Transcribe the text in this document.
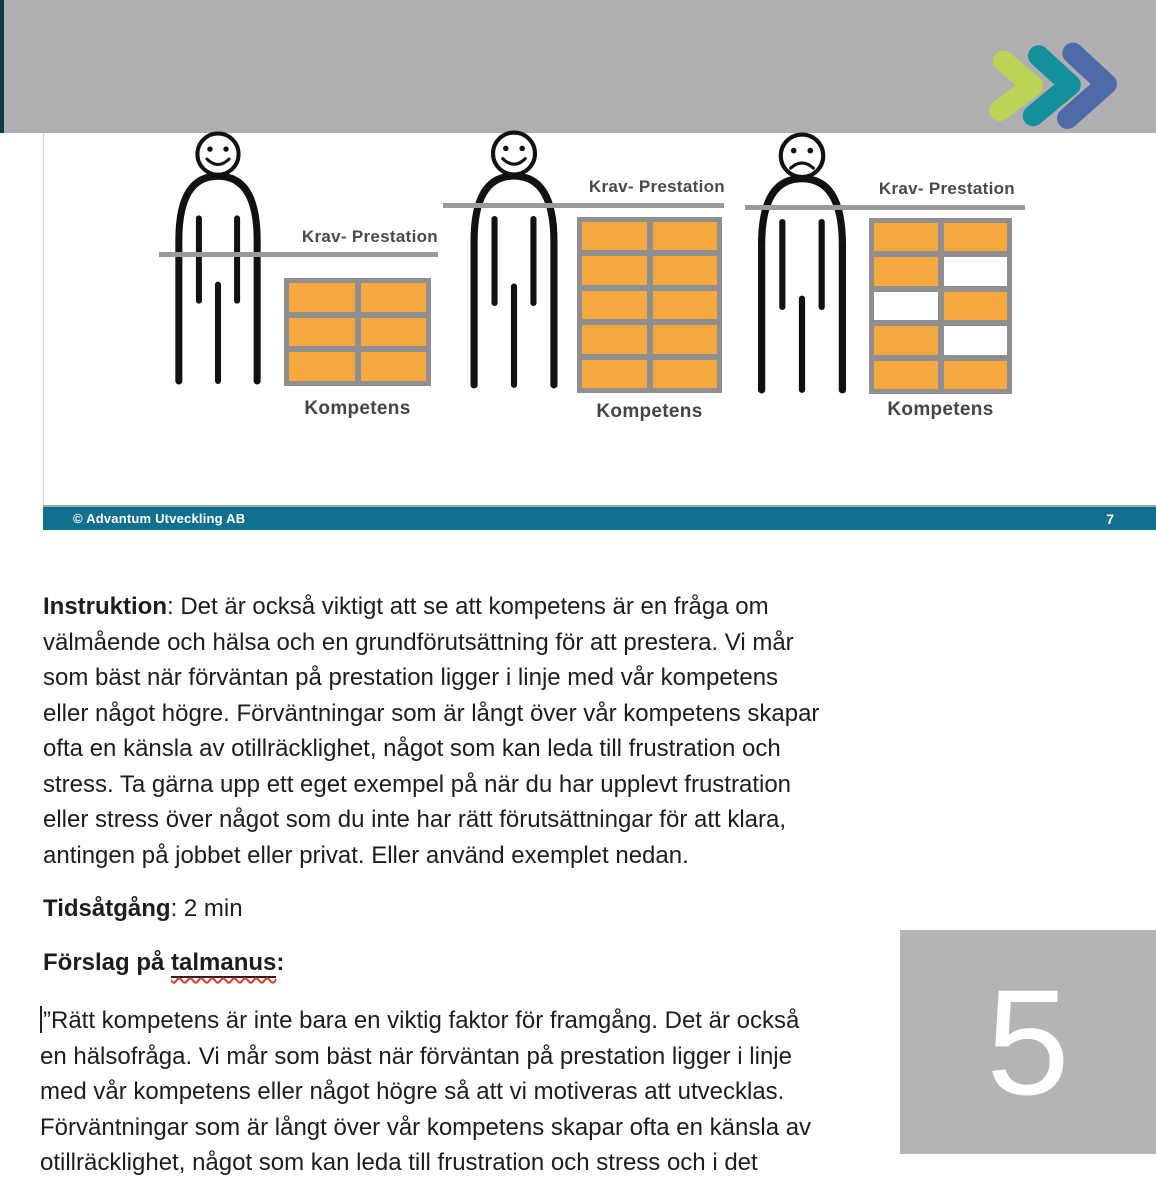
Krav- Prestation
Kompetens
Krav- Prestation
Kompetens
Krav- Prestation
Kompetens
© Advantum Utveckling AB	7
Instruktion: Det är också viktigt att se att kompetens är en fråga om
välmående och hälsa och en grundförutsättning för att prestera. Vi mår
som bäst när förväntan på prestation ligger i linje med vår kompetens
eller något högre. Förväntningar som är långt över vår kompetens skapar
ofta en känsla av otillräcklighet, något som kan leda till frustration och
stress. Ta gärna upp ett eget exempel på när du har upplevt frustration
eller stress över något som du inte har rätt förutsättningar för att klara,
antingen på jobbet eller privat. Eller använd exemplet nedan.
Tidsåtgång: 2 min
Förslag på talmanus:
”Rätt kompetens är inte bara en viktig faktor för framgång. Det är också
en hälsofråga. Vi mår som bäst när förväntan på prestation ligger i linje
med vår kompetens eller något högre så att vi motiveras att utvecklas.
Förväntningar som är långt över vår kompetens skapar ofta en känsla av
otillräcklighet, något som kan leda till frustration och stress och i det
5
